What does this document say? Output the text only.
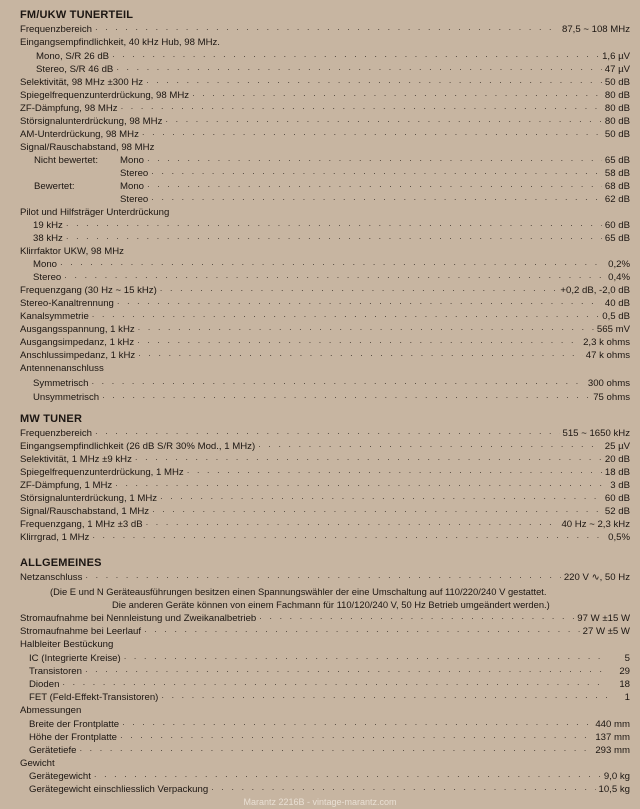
FM/UKW TUNERTEIL
Frequenzbereich · · ·	87,5 ~ 108 MHz
Eingangsempfindlichkeit, 40 kHz Hub, 98 MHz.
Mono, S/R 26 dB · · ·	1,6 µV
Stereo, S/R 46 dB · · ·	47 µV
Selektivität, 98 MHz ±300 Hz · · ·	50 dB
Spiegelfrequenzunterdrückung, 98 MHz · · ·	80 dB
ZF-Dämpfung, 98 MHz · · ·	80 dB
Störsignalunterdrückung, 98 MHz · · ·	80 dB
AM-Unterdrückung, 98 MHz · · ·	50 dB
Signal/Rauschabstand, 98 MHz
Nicht bewertet:	Mono · · ·	65 dB
Stereo · · ·	58 dB
Bewertet:	Mono · · ·	68 dB
Stereo · · ·	62 dB
Pilot und Hilfsträger Unterdrückung
19 kHz · · ·	60 dB
38 kHz · · ·	65 dB
Klirrfaktor UKW, 98 MHz
Mono · · ·	0,2%
Stereo · · ·	0,4%
Frequenzgang (30 Hz ~ 15 kHz) · · ·	+0,2 dB, -2,0 dB
Stereo-Kanaltrennung · · ·	40 dB
Kanalsymmetrie · · ·	0,5 dB
Ausgangsspannung, 1 kHz · · ·	565 mV
Ausgangsimpedanz, 1 kHz · · ·	2,3 k ohms
Anschlussimpedanz, 1 kHz · · ·	47 k ohms
Antennenanschluss
Symmetrisch · · ·	300 ohms
Unsymmetrisch · · ·	75 ohms
MW TUNER
Frequenzbereich · · ·	515 ~ 1650 kHz
Eingangsempfindlichkeit (26 dB S/R 30% Mod., 1 MHz) · · ·	25 µV
Selektivität, 1 MHz ±9 kHz · · ·	20 dB
Spiegelfrequenzunterdrückung, 1 MHz · · ·	18 dB
ZF-Dämpfung, 1 MHz · · ·	3 dB
Störsignalunterdrückung, 1 MHz · · ·	60 dB
Signal/Rauschabstand, 1 MHz · · ·	52 dB
Frequenzgang, 1 MHz ±3 dB · · ·	40 Hz ~ 2,3 kHz
Klirrgrad, 1 MHz · · ·	0,5%
ALLGEMEINES
Netzanschluss · · ·	220 V ∿, 50 Hz
(Die E und N Geräteausführungen besitzen einen Spannungswähler der eine Umschaltung auf 110/220/240 V gestattet.
Die anderen Geräte können von einem Fachmann für 110/120/240 V, 50 Hz Betrieb umgeändert werden.)
Stromaufnahme bei Nennleistung und Zweikanalbetrieb · · ·	97 W ±15 W
Stromaufnahme bei Leerlauf · · ·	27 W ±5 W
Halbleiter Bestückung
IC (Integrierte Kreise) · · ·	5
Transistoren · · ·	29
Dioden · · ·	18
FET (Feld-Effekt-Transistoren) · · ·	1
Abmessungen
Breite der Frontplatte · · ·	440 mm
Höhe der Frontplatte · · ·	137 mm
Gerätetiefe · · ·	293 mm
Gewicht
Gerätegewicht · · ·	9,0 kg
Gerätegewicht einschliesslich Verpackung · · ·	10,5 kg
Marantz 2216B - vintage-marantz.com
